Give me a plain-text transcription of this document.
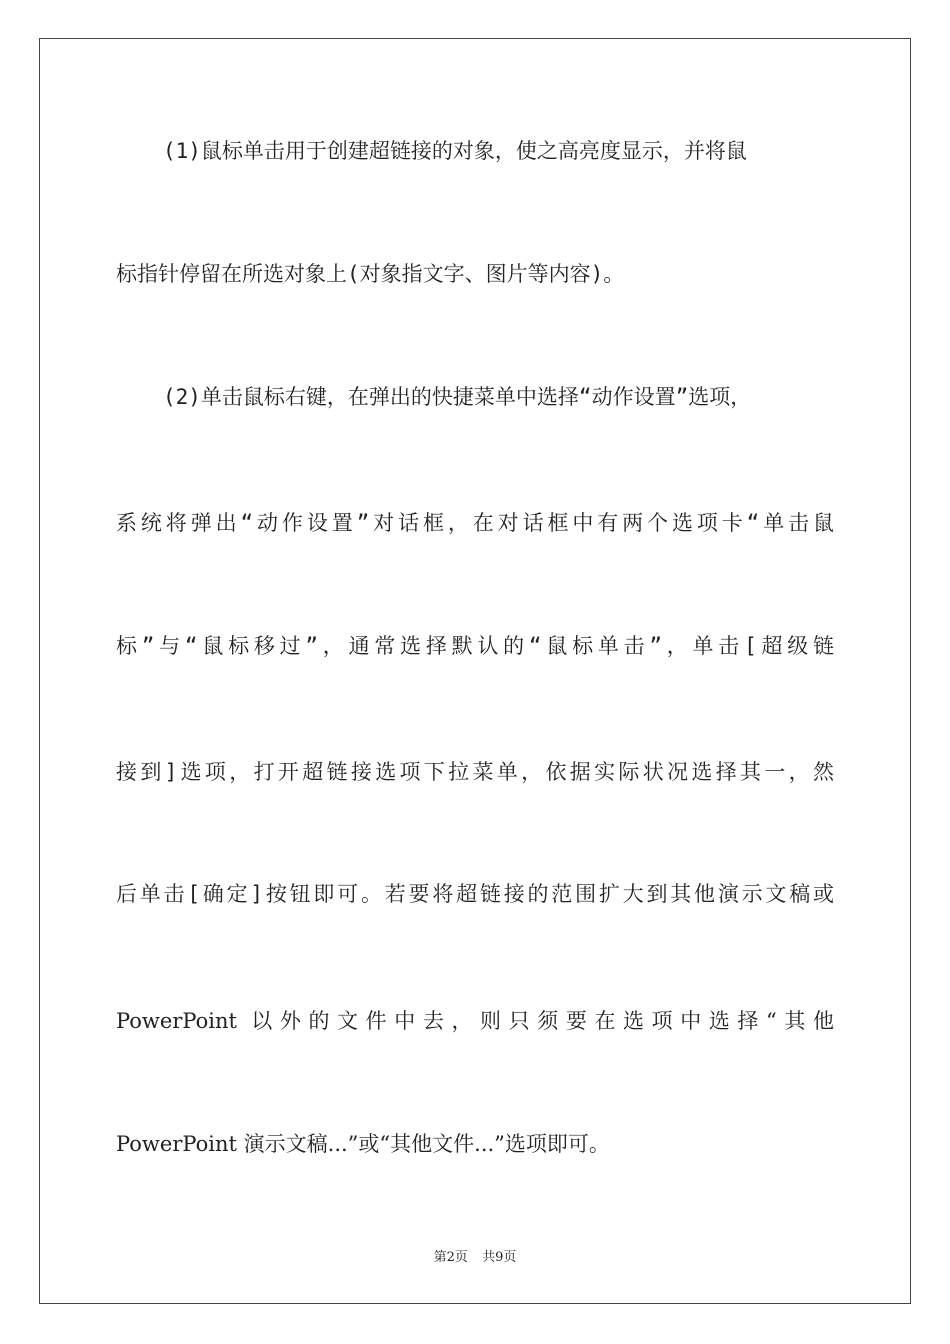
(1)鼠标单击用于创建超链接的对象，使之高亮度显示，并将鼠
标指针停留在所选对象上(对象指文字、图片等内容)。
(2)单击鼠标右键，在弹出的快捷菜单中选择“动作设置”选项，
系统将弹出“动作设置”对话框，在对话框中有两个选项卡“单击鼠
标”与“鼠标移过”，通常选择默认的“鼠标单击”，单击[超级链
接到]选项，打开超链接选项下拉菜单，依据实际状况选择其一，然
后单击[确定]按钮即可。若要将超链接的范围扩大到其他演示文稿或
PowerPoint 以外的文件中去，则只须要在选项中选择“其他
PowerPoint 演示文稿...”或“其他文件...”选项即可。
第2页 共9页
